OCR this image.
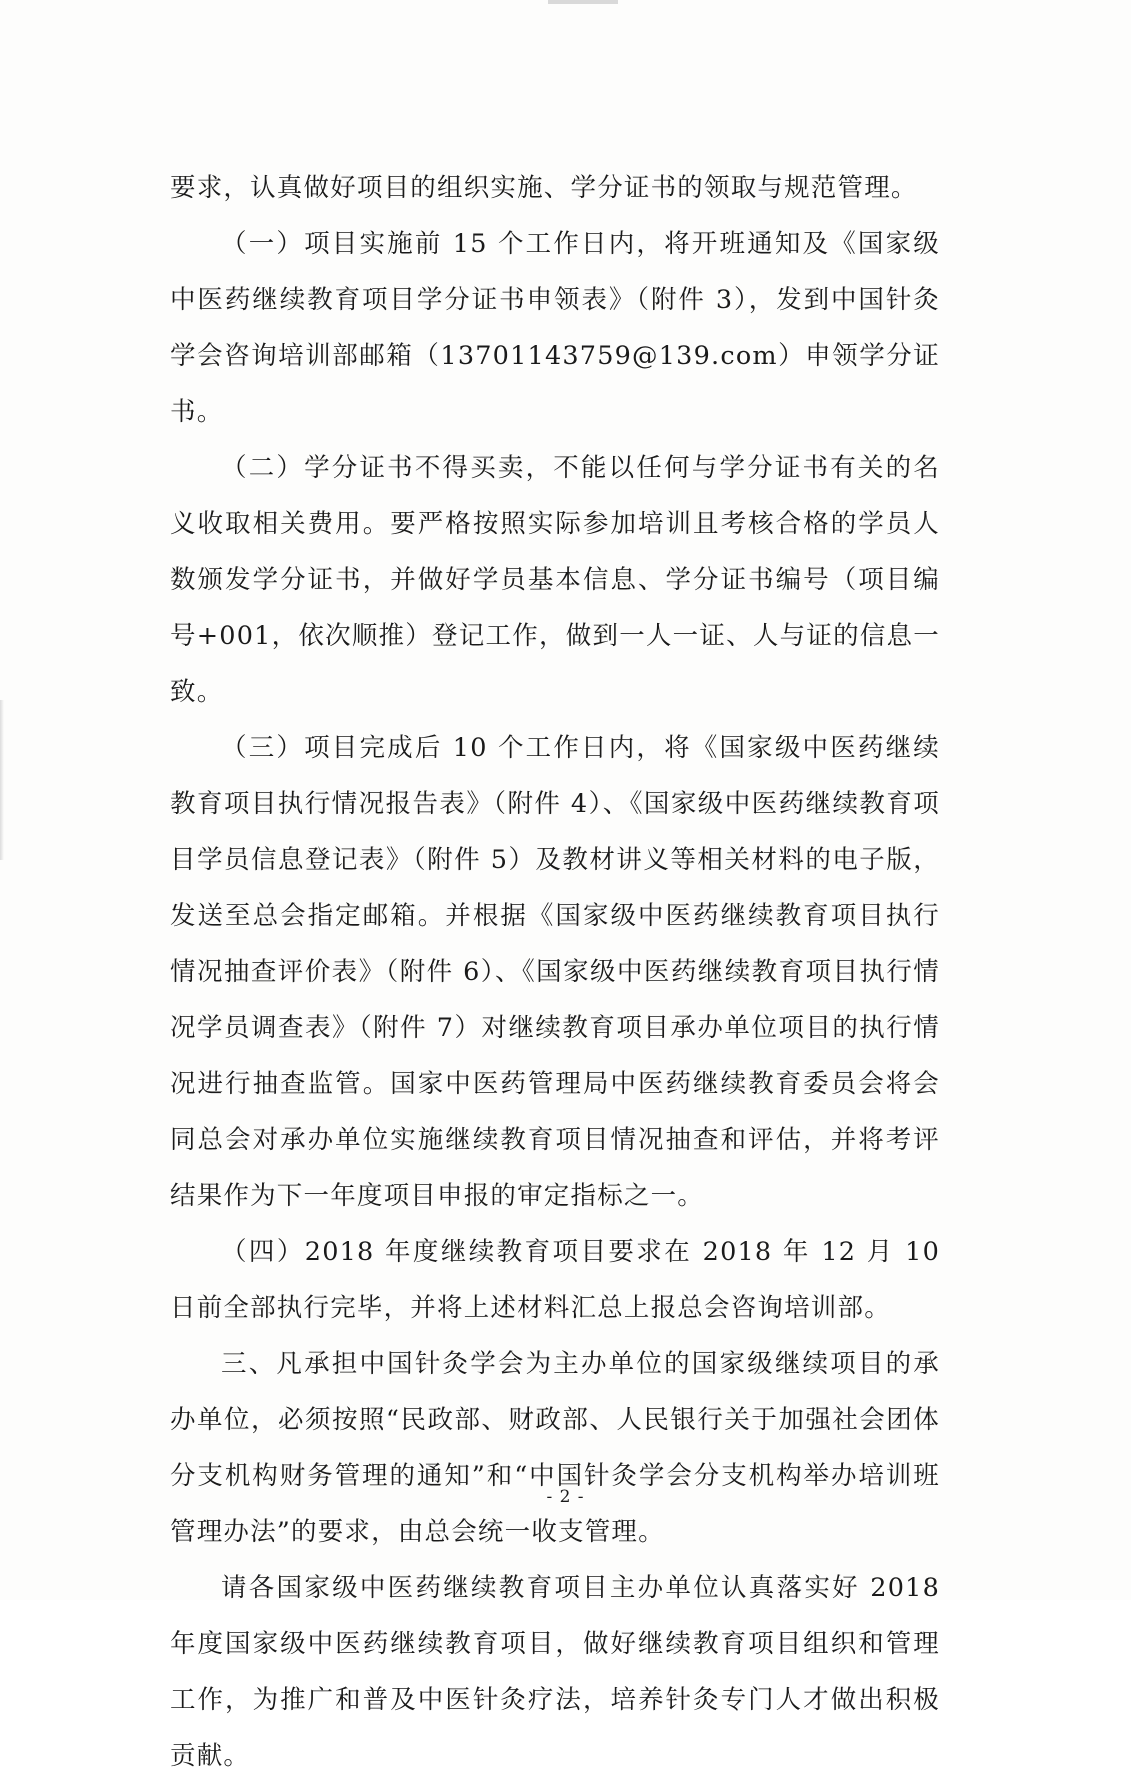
要求，认真做好项目的组织实施、学分证书的领取与规范管理。

（一）项目实施前 15 个工作日内，将开班通知及《国家级中医药继续教育项目学分证书申领表》（附件 3），发到中国针灸学会咨询培训部邮箱（13701143759@139.com）申领学分证书。

（二）学分证书不得买卖，不能以任何与学分证书有关的名义收取相关费用。要严格按照实际参加培训且考核合格的学员人数颁发学分证书，并做好学员基本信息、学分证书编号（项目编号+001，依次顺推）登记工作，做到一人一证、人与证的信息一致。

（三）项目完成后 10 个工作日内，将《国家级中医药继续教育项目执行情况报告表》（附件 4）、《国家级中医药继续教育项目学员信息登记表》（附件 5）及教材讲义等相关材料的电子版，发送至总会指定邮箱。并根据《国家级中医药继续教育项目执行情况抽查评价表》（附件 6）、《国家级中医药继续教育项目执行情况学员调查表》（附件 7）对继续教育项目承办单位项目的执行情况进行抽查监管。国家中医药管理局中医药继续教育委员会将会同总会对承办单位实施继续教育项目情况抽查和评估，并将考评结果作为下一年度项目申报的审定指标之一。

（四）2018 年度继续教育项目要求在 2018 年 12 月 10 日前全部执行完毕，并将上述材料汇总上报总会咨询培训部。

三、凡承担中国针灸学会为主办单位的国家级继续项目的承办单位，必须按照“民政部、财政部、人民银行关于加强社会团体分支机构财务管理的通知”和“中国针灸学会分支机构举办培训班管理办法”的要求，由总会统一收支管理。

请各国家级中医药继续教育项目主办单位认真落实好 2018 年度国家级中医药继续教育项目，做好继续教育项目组织和管理工作，为推广和普及中医针灸疗法，培养针灸专门人才做出积极贡献。

- 2 -
